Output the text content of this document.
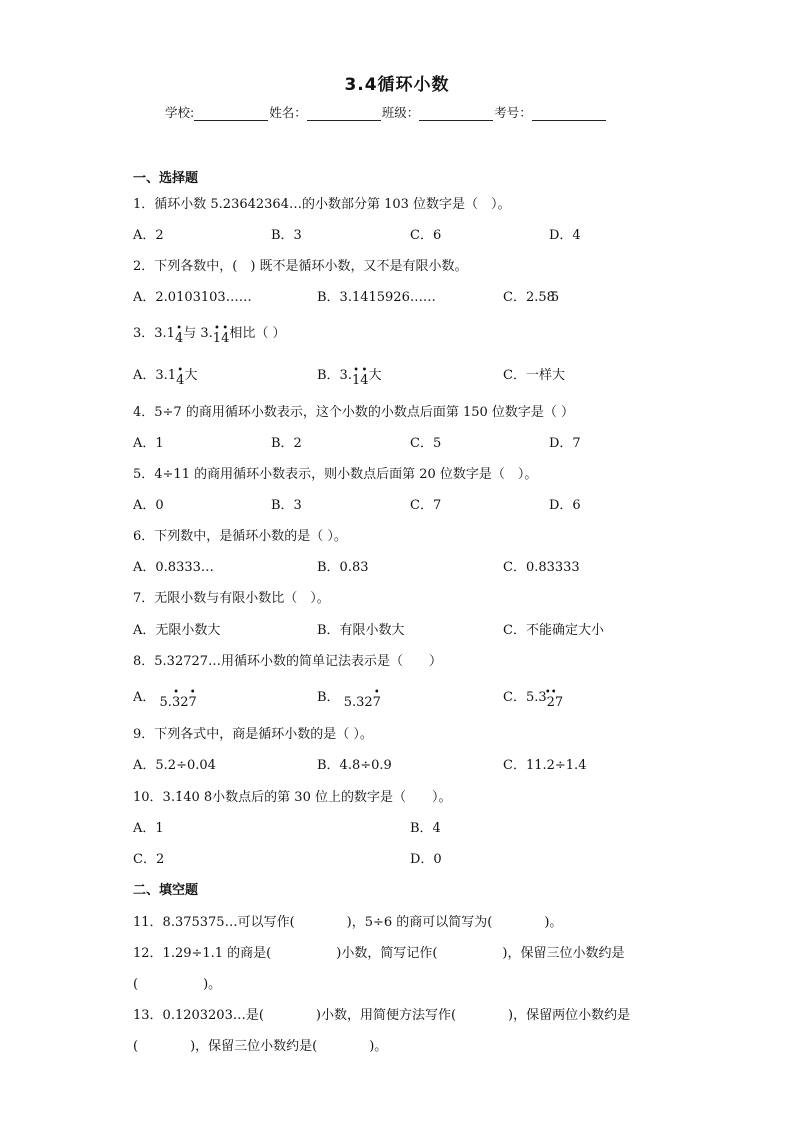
3.4循环小数
学校:	姓名：	班级：	考号：
一、选择题
1．循环小数 5.23642364…的小数部分第 103 位数字是（　）。
A．2	B．3	C．6	D．4
2．下列各数中，(　) 既不是循环小数，又不是有限小数。
A．2.0103103……	B．3.1415926……	C．2.58̇5
3．3.1 •
4与 3. •
1
•
4相比（ ）
A．3.1 •
4大	B．3. •
1
•
4大	C．一样大
4．5÷7 的商用循环小数表示，这个小数的小数点后面第 150 位数字是（ ）
A．1	B．2	C．5	D．7
5．4÷11 的商用循环小数表示，则小数点后面第 20 位数字是（　）。
A．0	B．3	C．7	D．6
6．下列数中，是循环小数的是（ ）。
A．0.8333…	B．0.83	C．0.83333
7．无限小数与有限小数比（　）。
A．无限小数大	B．有限小数大	C．不能确定大小
8．5.32727…用循环小数的简单记法表示是（　　）
A． 5.
•
32
•
7	B． 5.32
•
7	C．5.3
••
27
9．下列各式中，商是循环小数的是（ ）。
A．5.2÷0.04	B．4.8÷0.9	C．11.2÷1.4
10．3.1̇40 8̇小数点后的第 30 位上的数字是（　　）。
A．1	B．4
C．2	D．0
二、填空题
11．8.375375…可以写作(　　　　)，5÷6 的商可以简写为(　　　　)。
12．1.29÷1.1 的商是(　　　　　)小数，简写记作(　　　　　)，保留三位小数约是
(　　　　　)。
13．0.1203203…是(　　　　)小数，用简便方法写作(　　　　)，保留两位小数约是
(　　　　)，保留三位小数约是(　　　　)。
